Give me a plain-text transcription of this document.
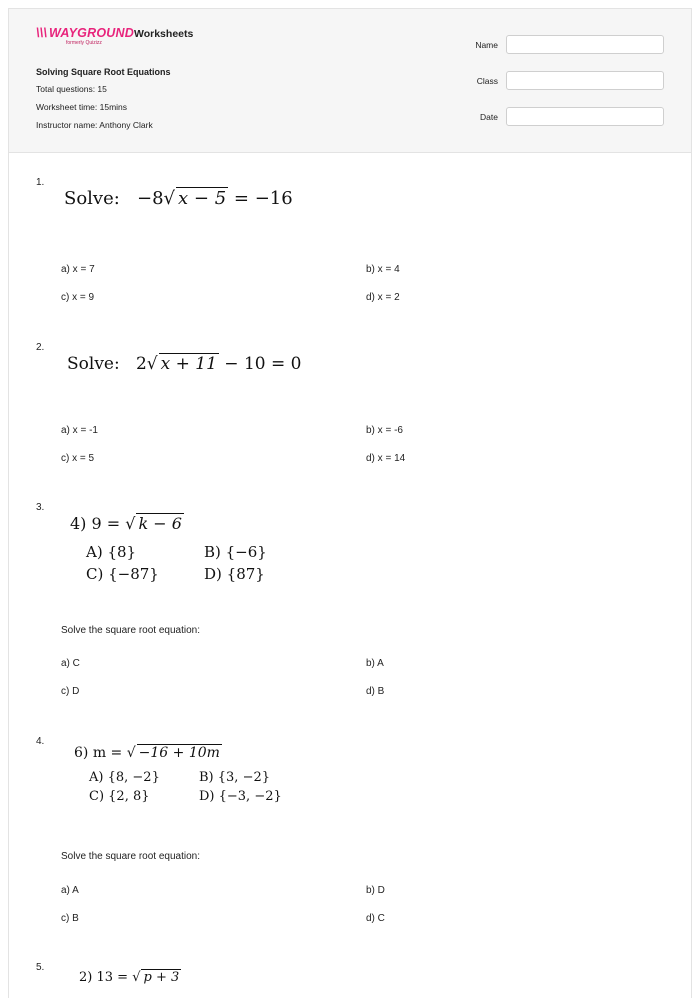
\\\ WAYGROUND
formerly Quizizz
Worksheets
Solving Square Root Equations
Total questions: 15
Worksheet time: 15mins
Instructor name: Anthony Clark
Name
Class
Date
1.
Solve: −8√ x − 5 = −16
a) x = 7	b) x = 4
c) x = 9	d) x = 2
2.
Solve: 2√ x + 11 − 10 = 0
a) x = -1	b) x = -6
c) x = 5	d) x = 14
3.
4) 9 = √ k − 6
A) {8}	B) {−6}
C) {−87}	D) {87}
Solve the square root equation:
a) C	b) A
c) D	d) B
4.
6) m = √ −16 + 10m
A) {8, −2}	B) {3, −2}
C) {2, 8}	D) {−3, −2}
Solve the square root equation:
a) A	b) D
c) B	d) C
5.
2) 13 = √ p + 3
